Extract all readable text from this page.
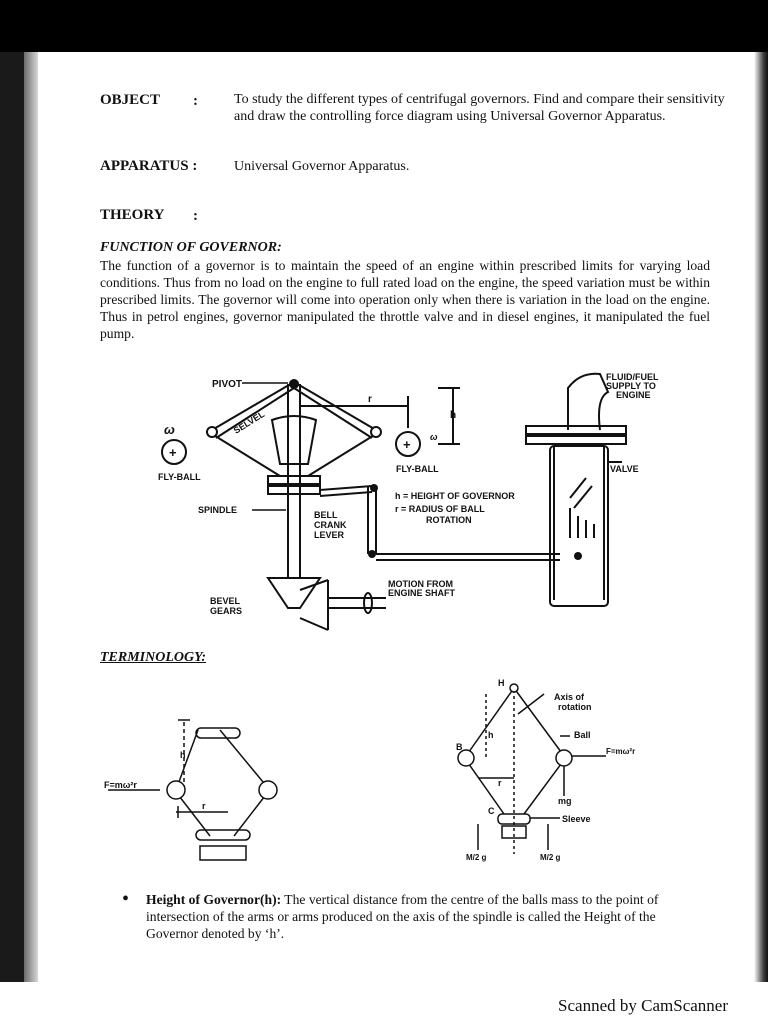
OBJECT :	To study the different types of centrifugal governors. Find and compare their sensitivity and draw the controlling force diagram using Universal Governor Apparatus.

APPARATUS :	Universal Governor Apparatus.

THEORY :

FUNCTION OF GOVERNOR:

The function of a governor is to maintain the speed of an engine within prescribed limits for varying load conditions. Thus from no load on the engine to full rated load on the engine, the speed variation must be within prescribed limits. The governor will come into operation only when there is variation in the load on the engine. Thus in petrol engines, governor manipulated the throttle valve and in diesel engines, it manipulated the fuel pump.

PIVOT
SELVEL
ω
+
+ ω
r
h
FLY-BALL
FLY-BALL
SPINDLE	BELL
CRANK
LEVER
h = HEIGHT OF GOVERNOR
r = RADIUS OF BALL
ROTATION
BEVEL
GEARS
MOTION FROM
ENGINE SHAFT
FLUID/FUEL
SUPPLY TO
ENGINE
VALVE

TERMINOLOGY:

F=mω²r
h
r
H
Axis of
rotation
Ball
F=mω²r
B
h
r
mg
C
Sleeve
M/2 g	M/2 g

• Height of Governor(h): The vertical distance from the centre of the balls mass to the point of intersection of the arms or arms produced on the axis of the spindle is called the Height of the Governor denoted by ‘h’.

Scanned by CamScanner
